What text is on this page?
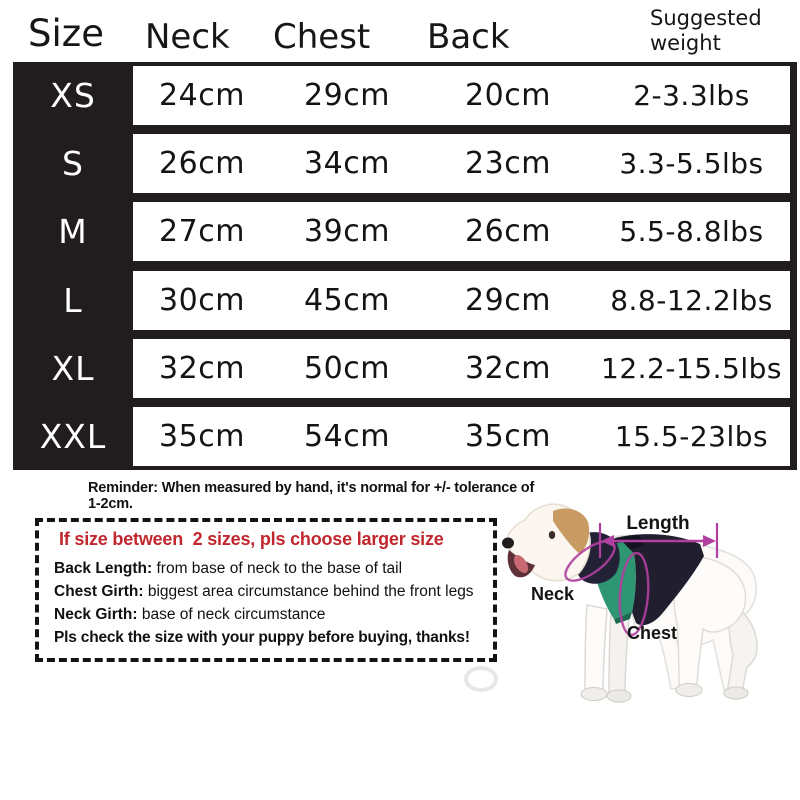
Size Neck Chest Back	Suggested weight
XS	24cm	29cm	20cm	2-3.3lbs
S	26cm	34cm	23cm	3.3-5.5lbs
M	27cm	39cm	26cm	5.5-8.8lbs
L	30cm	45cm	29cm	8.8-12.2lbs
XL	32cm	50cm	32cm	12.2-15.5lbs
XXL	35cm	54cm	35cm	15.5-23lbs
Reminder: When measured by hand, it's normal for +/- tolerance of 1-2cm.
If size between  2 sizes, pls choose larger size
Back Length: from base of neck to the base of tail
Chest Girth: biggest area circumstance behind the front legs
Neck Girth: base of neck circumstance
Pls check the size with your puppy before buying, thanks!
Length
Neck
Chest
